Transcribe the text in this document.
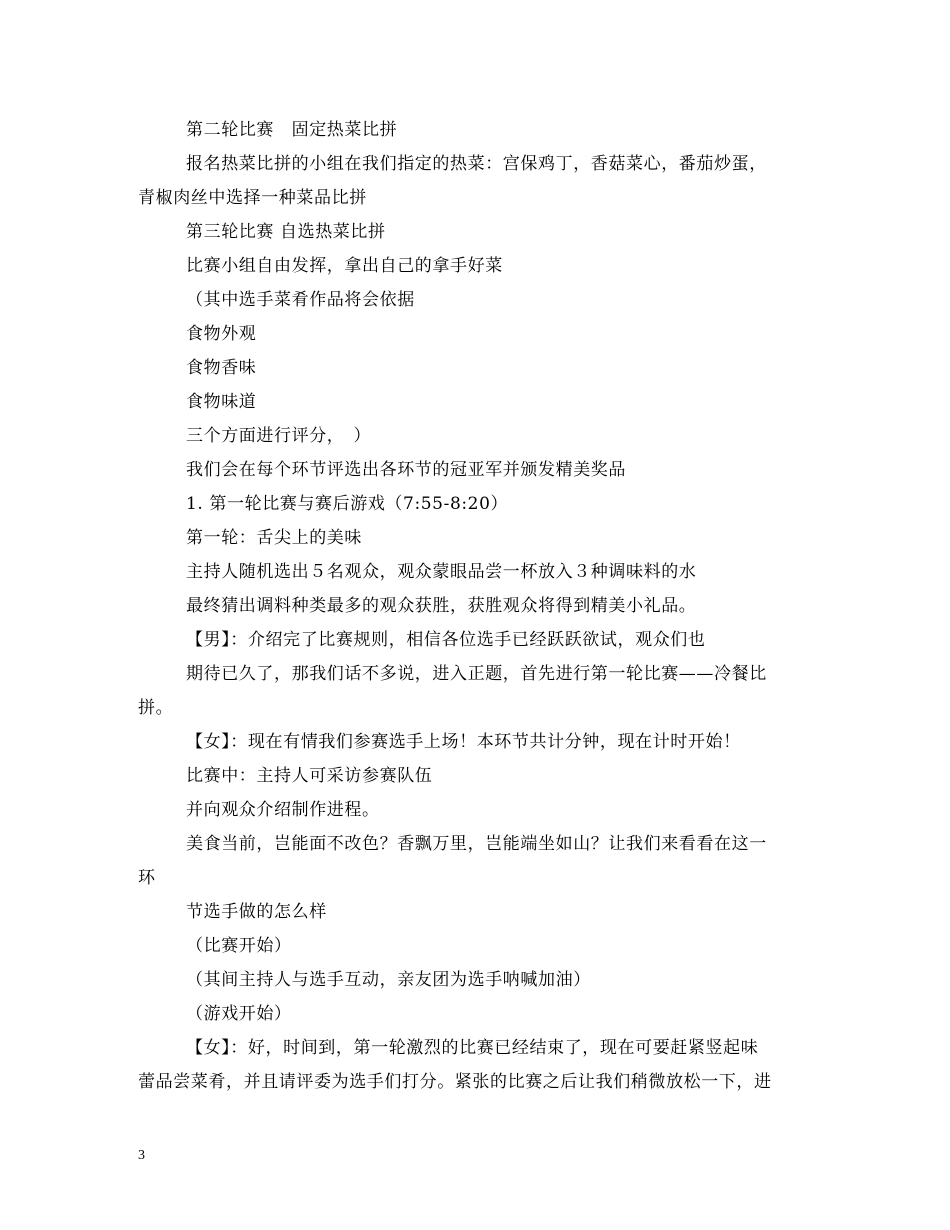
第二轮比赛　固定热菜比拼
报名热菜比拼的小组在我们指定的热菜：宫保鸡丁，香菇菜心，番茄炒蛋，
青椒肉丝中选择一种菜品比拼
第三轮比赛 自选热菜比拼
比赛小组自由发挥，拿出自己的拿手好菜
（其中选手菜肴作品将会依据
食物外观
食物香味
食物味道
三个方面进行评分，　）
我们会在每个环节评选出各环节的冠亚军并颁发精美奖品
1. 第一轮比赛与赛后游戏（7:55-8:20）
第一轮：舌尖上的美味
主持人随机选出５名观众，观众蒙眼品尝一杯放入３种调味料的水
最终猜出调料种类最多的观众获胜，获胜观众将得到精美小礼品。
【男】：介绍完了比赛规则，相信各位选手已经跃跃欲试，观众们也
期待已久了，那我们话不多说，进入正题，首先进行第一轮比赛——冷餐比
拼。
【女】：现在有情我们参赛选手上场！本环节共计分钟，现在计时开始！
比赛中：主持人可采访参赛队伍
并向观众介绍制作进程。
美食当前，岂能面不改色？香飘万里，岂能端坐如山？让我们来看看在这一
环
节选手做的怎么样
（比赛开始）
（其间主持人与选手互动，亲友团为选手呐喊加油）
（游戏开始）
【女】：好，时间到，第一轮激烈的比赛已经结束了，现在可要赶紧竖起味
蕾品尝菜肴，并且请评委为选手们打分。紧张的比赛之后让我们稍微放松一下，进
3
